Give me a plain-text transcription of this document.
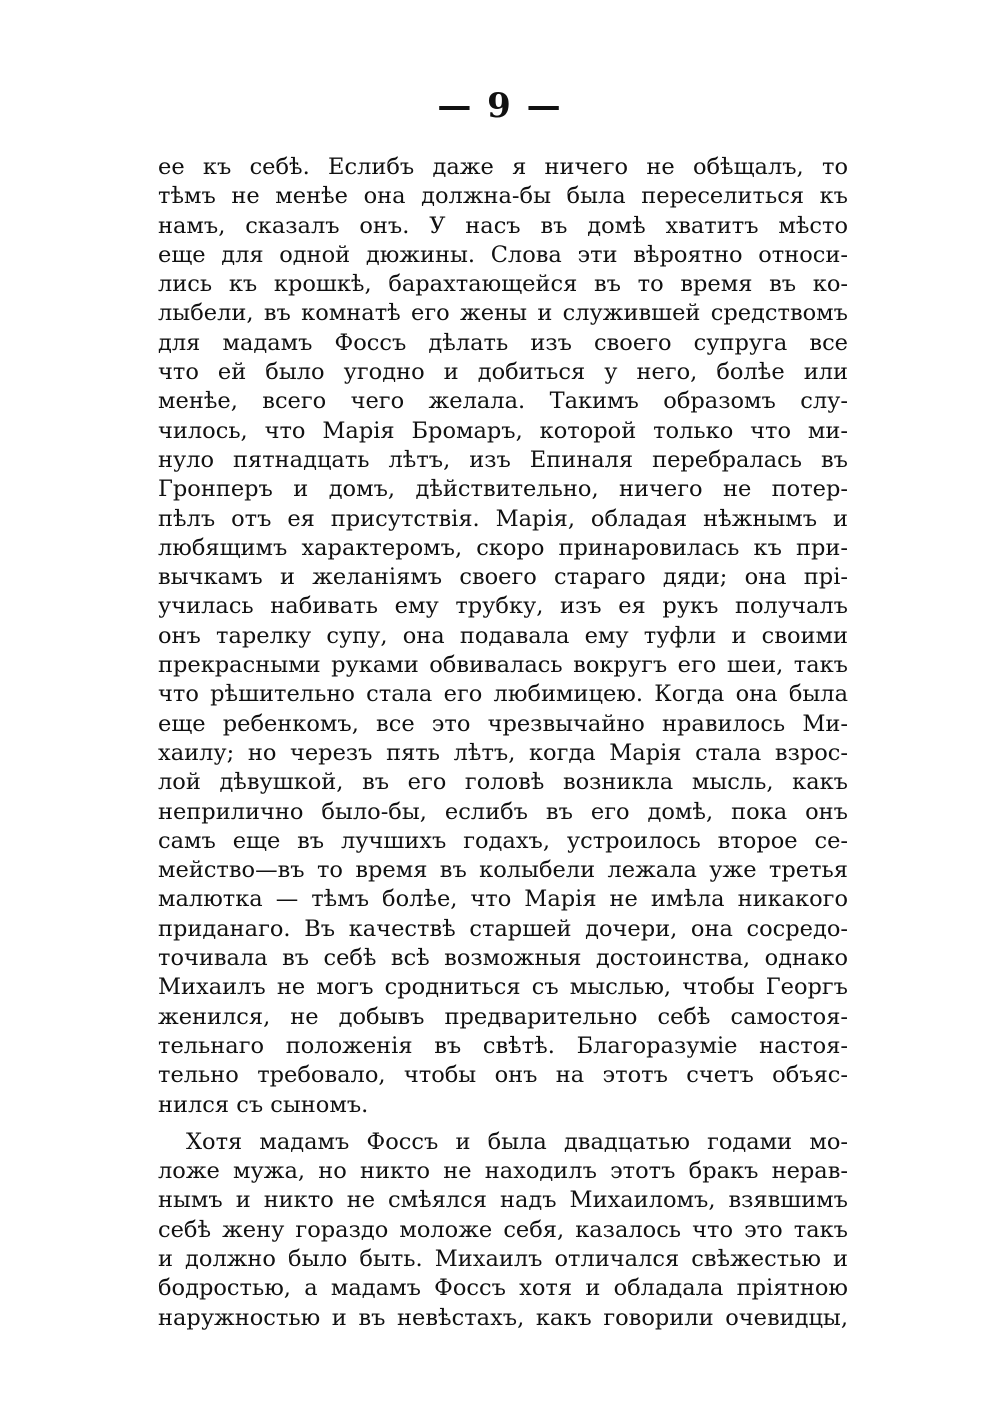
— 9 —
ее къ себѣ. Еслибъ даже я ничего не обѣщалъ, то
тѣмъ не менѣе она должна-бы была переселиться къ
намъ, сказалъ онъ. У насъ въ домѣ хватитъ мѣсто
еще для одной дюжины. Слова эти вѣроятно относи-
лись къ крошкѣ, барахтающейся въ то время въ ко-
лыбели, въ комнатѣ его жены и служившей средствомъ
для мадамъ Фоссъ дѣлать изъ своего супруга все
что ей было угодно и добиться у него, болѣе или
менѣе, всего чего желала. Такимъ образомъ слу-
чилось, что Марія Бромаръ, которой только что ми-
нуло пятнадцать лѣтъ, изъ Епиналя перебралась въ
Гронперъ и домъ, дѣйствительно, ничего не потер-
пѣлъ отъ ея присутствія. Марія, обладая нѣжнымъ и
любящимъ характеромъ, скоро принаровилась къ при-
вычкамъ и желаніямъ своего стараго дяди; она прі-
училась набивать ему трубку, изъ ея рукъ получалъ
онъ тарелку супу, она подавала ему туфли и своими
прекрасными руками обвивалась вокругъ его шеи, такъ
что рѣшительно стала его любимицею. Когда она была
еще ребенкомъ, все это чрезвычайно нравилось Ми-
хаилу; но черезъ пять лѣтъ, когда Марія стала взрос-
лой дѣвушкой, въ его головѣ возникла мысль, какъ
неприлично было-бы, еслибъ въ его домѣ, пока онъ
самъ еще въ лучшихъ годахъ, устроилось второе се-
мейство—въ то время въ колыбели лежала уже третья
малютка — тѣмъ болѣе, что Марія не имѣла никакого
приданаго. Въ качествѣ старшей дочери, она сосредо-
точивала въ себѣ всѣ возможныя достоинства, однако
Михаилъ не могъ сродниться съ мыслью, чтобы Георгъ
женился, не добывъ предварительно себѣ самостоя-
тельнаго положенія въ свѣтѣ. Благоразуміе настоя-
тельно требовало, чтобы онъ на этотъ счетъ объяс-
нился съ сыномъ.
Хотя мадамъ Фоссъ и была двадцатью годами мо-
ложе мужа, но никто не находилъ этотъ бракъ нерав-
нымъ и никто не смѣялся надъ Михаиломъ, взявшимъ
себѣ жену гораздо моложе себя, казалось что это такъ
и должно было быть. Михаилъ отличался свѣжестью и
бодростью, а мадамъ Фоссъ хотя и обладала пріятною
наружностью и въ невѣстахъ, какъ говорили очевидцы,
